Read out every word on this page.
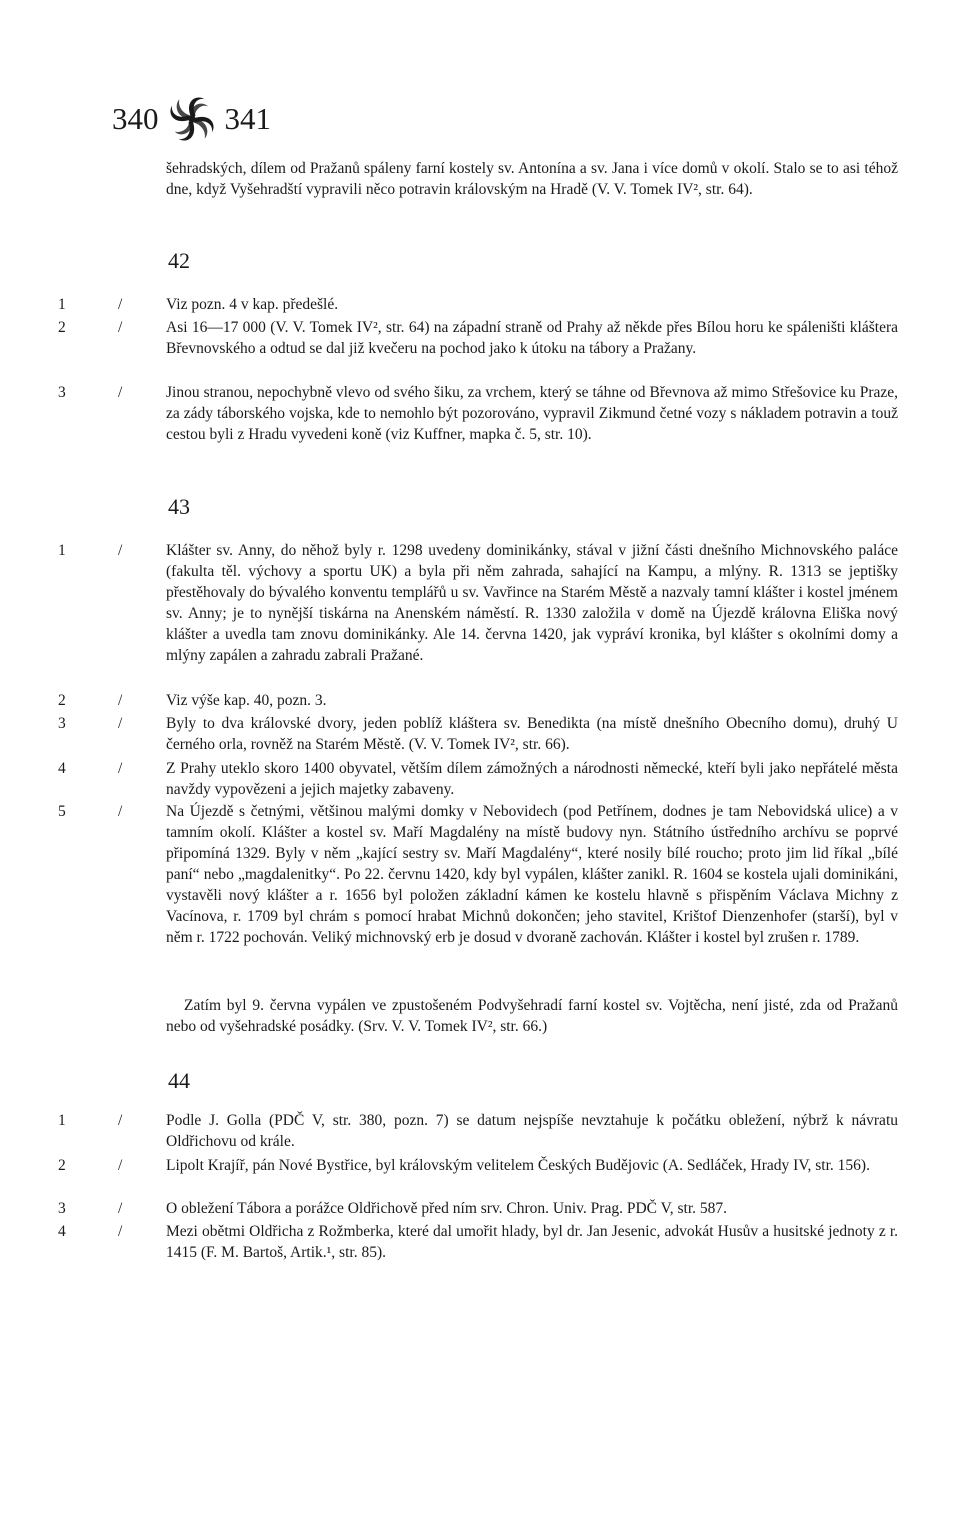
340 341
šehradských, dílem od Pražanů spáleny farní kostely sv. Antonína a sv. Jana i více domů v okolí. Stalo se to asi téhož dne, když Vyšehradští vypravili něco potravin královským na Hradě (V. V. Tomek IV², str. 64).
42
1	/	Viz pozn. 4 v kap. předešlé.
2	/	Asi 16—17 000 (V. V. Tomek IV², str. 64) na západní straně od Prahy až někde přes Bílou horu ke spáleništi kláštera Břevnovského a odtud se dal již kvečeru na pochod jako k útoku na tábory a Pražany.
3	/	Jinou stranou, nepochybně vlevo od svého šiku, za vrchem, který se táhne od Břevnova až mimo Střešovice ku Praze, za zády táborského vojska, kde to nemohlo být pozorováno, vypravil Zikmund četné vozy s nákladem potravin a touž cestou byli z Hradu vyvedeni koně (viz Kuffner, mapka č. 5, str. 10).
43
1	/	Klášter sv. Anny, do něhož byly r. 1298 uvedeny dominikánky, stával v jižní části dnešního Michnovského paláce (fakulta těl. výchovy a sportu UK) a byla při něm zahrada, sahající na Kampu, a mlýny. R. 1313 se jeptišky přestěhovaly do bývalého konventu templářů u sv. Vavřince na Starém Městě a nazvaly tamní klášter i kostel jménem sv. Anny; je to nynější tiskárna na Anenském náměstí. R. 1330 založila v domě na Újezdě královna Eliška nový klášter a uvedla tam znovu dominikánky. Ale 14. června 1420, jak vypráví kronika, byl klášter s okolními domy a mlýny zapálen a zahradu zabrali Pražané.
2	/	Viz výše kap. 40, pozn. 3.
3	/	Byly to dva královské dvory, jeden poblíž kláštera sv. Benedikta (na místě dnešního Obecního domu), druhý U černého orla, rovněž na Starém Městě. (V. V. Tomek IV², str. 66).
4	/	Z Prahy uteklo skoro 1400 obyvatel, větším dílem zámožných a národnosti německé, kteří byli jako nepřátelé města navždy vypovězeni a jejich majetky zabaveny.
5	/	Na Újezdě s četnými, většinou malými domky v Nebovidech (pod Petřínem, dodnes je tam Nebovidská ulice) a v tamním okolí. Klášter a kostel sv. Maří Magdalény na místě budovy nyn. Státního ústředního archívu se poprvé připomíná 1329. Byly v něm „kající sestry sv. Maří Magdalény“, které nosily bílé roucho; proto jim lid říkal „bílé paní“ nebo „magdalenitky“. Po 22. červnu 1420, kdy byl vypálen, klášter zanikl. R. 1604 se kostela ujali dominikáni, vystavěli nový klášter a r. 1656 byl položen základní kámen ke kostelu hlavně s přispěním Václava Michny z Vacínova, r. 1709 byl chrám s pomocí hrabat Michnů dokončen; jeho stavitel, Krištof Dienzenhofer (starší), byl v něm r. 1722 pochován. Veliký michnovský erb je dosud v dvoraně zachován. Klášter i kostel byl zrušen r. 1789.
Zatím byl 9. června vypálen ve zpustošeném Podvyšehradí farní kostel sv. Vojtěcha, není jisté, zda od Pražanů nebo od vyšehradské posádky. (Srv. V. V. Tomek IV², str. 66.)
44
1	/	Podle J. Golla (PDČ V, str. 380, pozn. 7) se datum nejspíše nevztahuje k počátku obležení, nýbrž k návratu Oldřichovu od krále.
2	/	Lipolt Krajíř, pán Nové Bystřice, byl královským velitelem Českých Budějovic (A. Sedláček, Hrady IV, str. 156).
3	/	O obležení Tábora a porážce Oldřichově před ním srv. Chron. Univ. Prag. PDČ V, str. 587.
4	/	Mezi obětmi Oldřicha z Rožmberka, které dal umořit hlady, byl dr. Jan Jesenic, advokát Husův a husitské jednoty z r. 1415 (F. M. Bartoš, Artik.¹, str. 85).
